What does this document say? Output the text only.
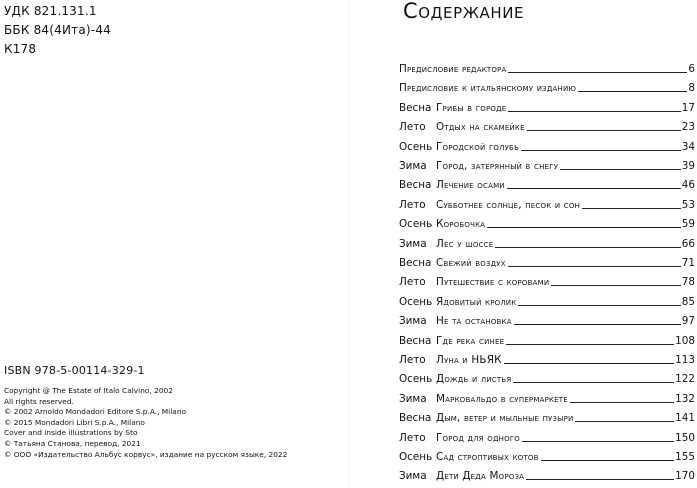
УДК 821.131.1
ББК 84(4Ита)-44
К178
ISBN 978-5-00114-329-1
Copyright @ The Estate of Italo Calvino, 2002
All rights reserved.
© 2002 Arnoldo Mondadori Editore S.p.A., Milano
© 2015 Mondadori Libri S.p.A., Milano
Cover and inside illustrations by Sto
© Татьяна Станова, перевод, 2021
© ООО «Издательство Альбус корвус», издание на русском языке, 2022
Содержание
Предисловие редактора	6
Предисловие к итальянскому изданию	8
Весна Грибы в городе	17
Лето Отдых на скамейке	23
Осень Городской голубь	34
Зима Город, затерянный в снегу	39
Весна Лечение осами	46
Лето Субботнее солнце, песок и сон	53
Осень Коробочка	59
Зима Лес у шоссе	66
Весна Свежий воздух	71
Лето Путешествие с коровами	78
Осень Ядовитый кролик	85
Зима Не та остановка	97
Весна Где река синее	108
Лето Луна и НЬЯК	113
Осень Дождь и листья	122
Зима Марковальдо в супермаркете	132
Весна Дым, ветер и мыльные пузыри	141
Лето Город для одного	150
Осень Сад строптивых котов	155
Зима Дети Деда Мороза	170
